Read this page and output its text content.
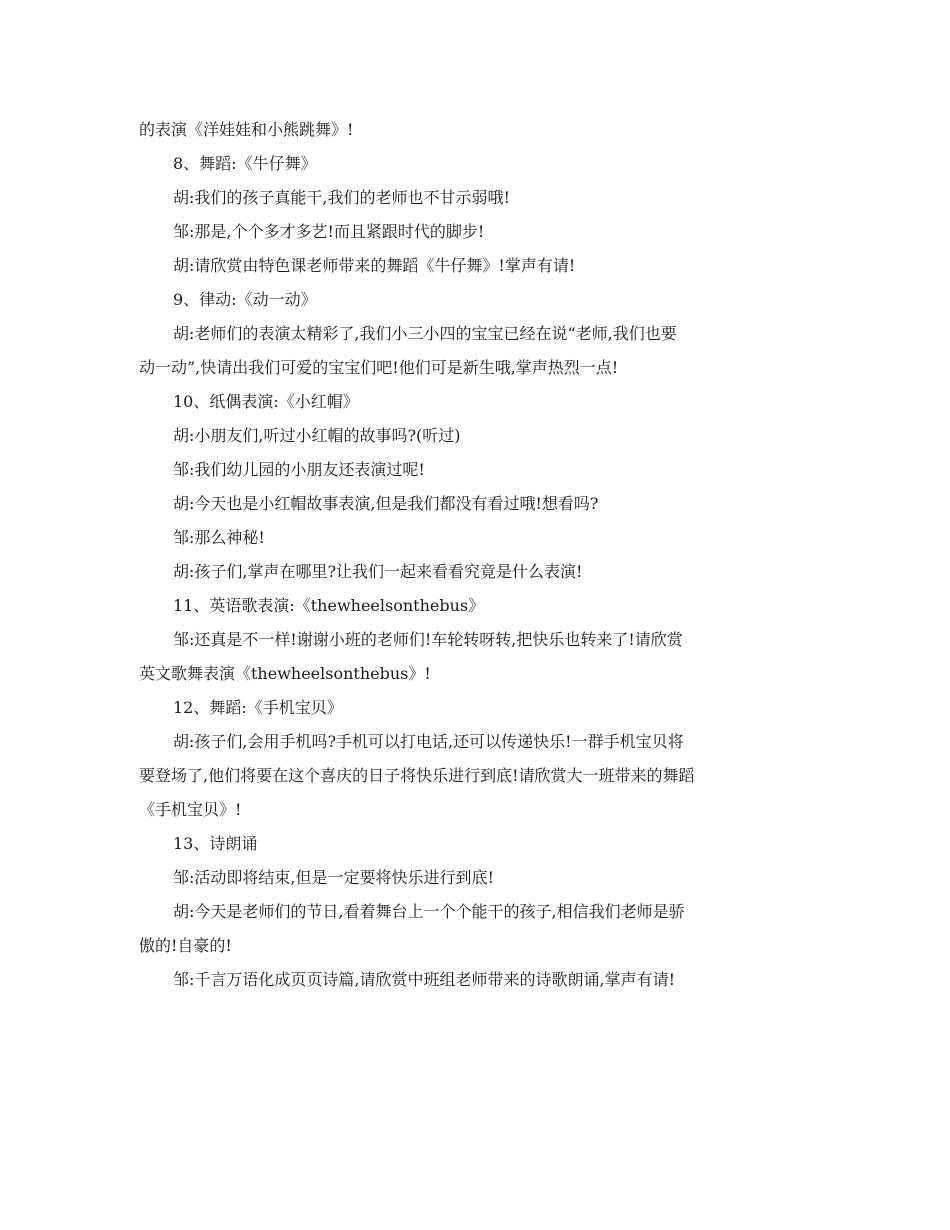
的表演《洋娃娃和小熊跳舞》!
8、舞蹈:《牛仔舞》
胡:我们的孩子真能干,我们的老师也不甘示弱哦!
邹:那是,个个多才多艺!而且紧跟时代的脚步!
胡:请欣赏由特色课老师带来的舞蹈《牛仔舞》!掌声有请!
9、律动:《动一动》
胡:老师们的表演太精彩了,我们小三小四的宝宝已经在说“老师,我们也要
动一动”,快请出我们可爱的宝宝们吧!他们可是新生哦,掌声热烈一点!
10、纸偶表演:《小红帽》
胡:小朋友们,听过小红帽的故事吗?(听过)
邹:我们幼儿园的小朋友还表演过呢!
胡:今天也是小红帽故事表演,但是我们都没有看过哦!想看吗?
邹:那么神秘!
胡:孩子们,掌声在哪里?让我们一起来看看究竟是什么表演!
11、英语歌表演:《thewheelsonthebus》
邹:还真是不一样!谢谢小班的老师们!车轮转呀转,把快乐也转来了!请欣赏
英文歌舞表演《thewheelsonthebus》!
12、舞蹈:《手机宝贝》
胡:孩子们,会用手机吗?手机可以打电话,还可以传递快乐!一群手机宝贝将
要登场了,他们将要在这个喜庆的日子将快乐进行到底!请欣赏大一班带来的舞蹈
《手机宝贝》!
13、诗朗诵
邹:活动即将结束,但是一定要将快乐进行到底!
胡:今天是老师们的节日,看着舞台上一个个能干的孩子,相信我们老师是骄
傲的!自豪的!
邹:千言万语化成页页诗篇,请欣赏中班组老师带来的诗歌朗诵,掌声有请!
